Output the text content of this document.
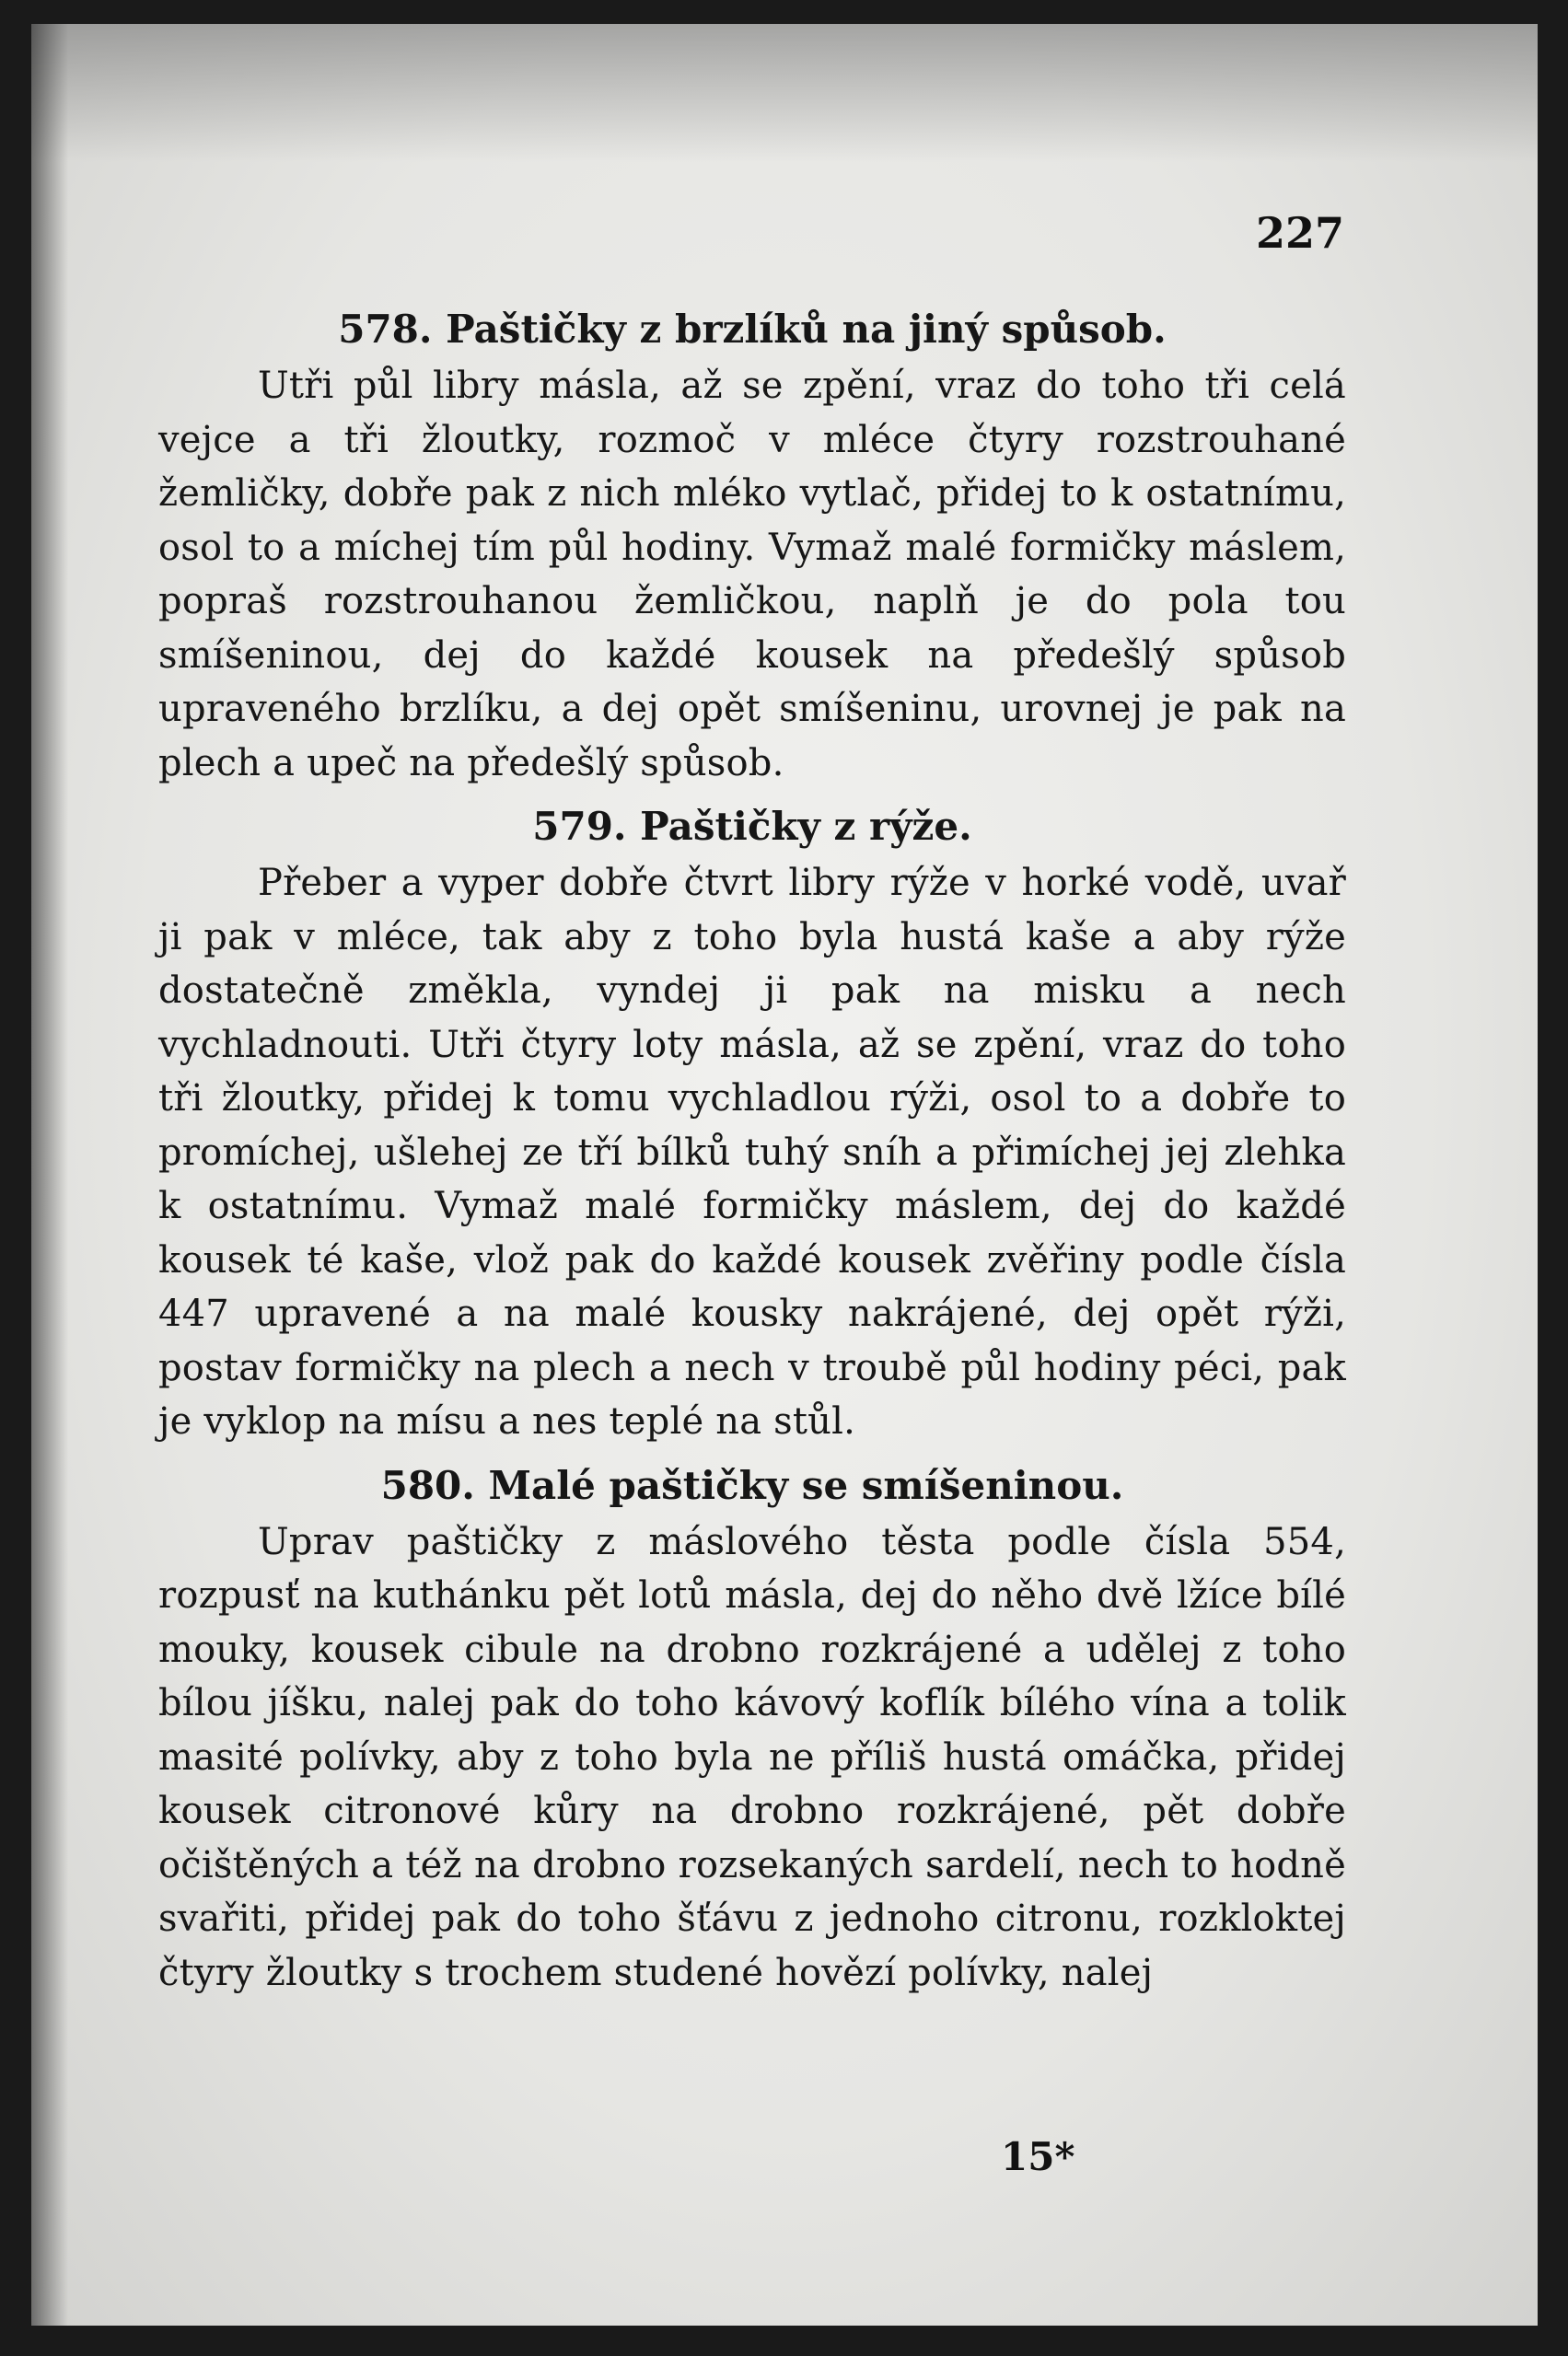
227
578. Paštičky z brzlíků na jiný spůsob.

Utři půl libry másla, až se zpění, vraz do toho tři celá vejce a tři žloutky, rozmoč v mléce čtyry rozstrouhané žemličky, dobře pak z nich mléko vytlač, přidej to k ostatnímu, osol to a míchej tím půl hodiny. Vymaž malé formičky máslem, popraš rozstrouhanou žemličkou, naplň je do pola tou smíšeninou, dej do každé kousek na předešlý spůsob upraveného brzlíku, a dej opět smíšeninu, urovnej je pak na plech a upeč na předešlý spůsob.

579. Paštičky z rýže.

Přeber a vyper dobře čtvrt libry rýže v horké vodě, uvař ji pak v mléce, tak aby z toho byla hustá kaše a aby rýže dostatečně změkla, vyndej ji pak na misku a nech vychladnouti. Utři čtyry loty másla, až se zpění, vraz do toho tři žloutky, přidej k tomu vychladlou rýži, osol to a dobře to promíchej, ušlehej ze tří bílků tuhý sníh a přimíchej jej zlehka k ostatnímu. Vymaž malé formičky máslem, dej do každé kousek té kaše, vlož pak do každé kousek zvěřiny podle čísla 447 upravené a na malé kousky nakrájené, dej opět rýži, postav formičky na plech a nech v troubě půl hodiny péci, pak je vyklop na mísu a nes teplé na stůl.

580. Malé paštičky se smíšeninou.

Uprav paštičky z máslového těsta podle čísla 554, rozpusť na kuthánku pět lotů másla, dej do něho dvě lžíce bílé mouky, kousek cibule na drobno rozkrájené a udělej z toho bílou jíšku, nalej pak do toho kávový koflík bílého vína a tolik masité polívky, aby z toho byla ne příliš hustá omáčka, přidej kousek citronové kůry na drobno rozkrájené, pět dobře očištěných a též na drobno rozsekaných sardelí, nech to hodně svařiti, přidej pak do toho šťávu z jednoho citronu, rozkloktej čtyry žloutky s trochem studené hovězí polívky, nalej

15*
